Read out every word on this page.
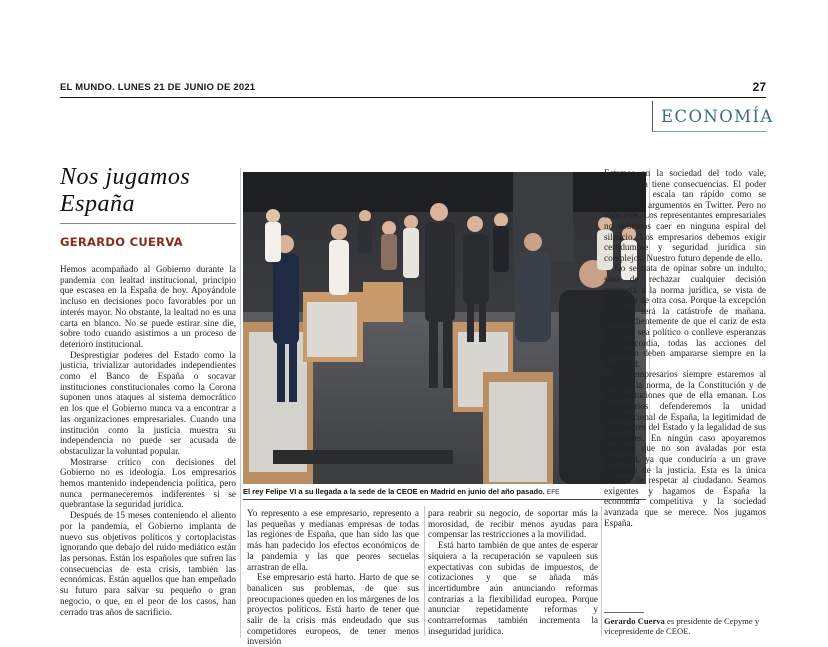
EL MUNDO. LUNES 21 DE JUNIO DE 2021	27
ECONOMÍA
Nos jugamos
España
GERARDO CUERVA

Hemos acompañado al Gobierno durante la pandemia con lealtad institucional, principio que escasea en la España de hoy. Apoyándole incluso en decisiones poco favorables por un interés mayor. No obstante, la lealtad no es una carta en blanco. No se puede estirar sine die, sobre todo cuando asistimos a un proceso de deterioro institucional.

Desprestigiar poderes del Estado como la justicia, trivializar autoridades independientes como el Banco de España o socavar instituciones constitucionales como la Corona suponen unos ataques al sistema democrático en los que el Gobierno nunca va a encontrar a las organizaciones empresariales. Cuando una institución como la justicia muestra su independencia no puede ser acusada de obstaculizar la voluntad popular.

Mostrarse crítico con decisiones del Gobierno no es ideología. Los empresarios hemos mantenido independencia política, pero nunca permaneceremos indiferentes si se quebrantase la seguridad jurídica.

Después de 15 meses conteniendo el aliento por la pandemia, el Gobierno implanta de nuevo sus objetivos políticos y cortoplacistas ignorando que debajo del ruido mediático están las personas. Están los españoles que sufren las consecuencias de esta crisis, también las económicas. Están aquellos que han empeñado su futuro para salvar su pequeño o gran negocio, o que, en el peor de los casos, han cerrado tras años de sacrificio.

El rey Felipe VI a su llegada a la sede de la CEOE en Madrid en junio del año pasado. EFE

Yo represento a ese empresario, represento a las pequeñas y medianas empresas de todas las regiones de España, que han sido las que más han padecido los efectos económicos de la pandemia y las que peores secuelas arrastran de ella.

Ese empresario está harto. Harto de que se banalicen sus problemas, de que sus preocupaciones queden en los márgenes de los proyectos políticos. Está harto de tener que salir de la crisis más endeudado que sus competidores europeos, de tener menos inversión

para reabrir su negocio, de soportar más la morosidad, de recibir menos ayudas para compensar las restricciones a la movilidad.

Está harto también de que antes de esperar siquiera a la recuperación se vapuleen sus expectativas con subidas de impuestos, de cotizaciones y que se añada más incertidumbre aún anunciando reformas contrarias a la flexibilidad europea. Porque anunciar repetidamente reformas y contrarreformas también incrementa la inseguridad jurídica.

Estamos en la sociedad del todo vale, donde nada tiene consecuencias. El poder del olvido escala tan rápido como se acortan los argumentos en Twitter. Pero no todo vale. Los representantes empresariales no debemos caer en ninguna espiral del silencio. Los empresarios debemos exigir certidumbre y seguridad jurídica sin complejos. Nuestro futuro depende de ello.

No se trata de opinar sobre un indulto, sino de rechazar cualquier decisión contraria a la norma jurídica, se vista de indulto o de otra cosa. Porque la excepción de hoy será la catástrofe de mañana. Independientemente de que el cariz de esta decisión sea político o conlleve esperanzas de concordia, todas las acciones del Gobierno deben ampararse siempre en la legalidad.

Los empresarios siempre estaremos al lado de la norma, de la Constitución y de las instituciones que de ella emanan. Los empresarios defenderemos la unidad constitucional de España, la legitimidad de los poderes del Estado y la legalidad de sus decisiones. En ningún caso apoyaremos acciones que no son avaladas por esta legalidad, ya que conduciría a un grave deterioro de la justicia. Esta es la única manera de respetar al ciudadano. Seamos exigentes y hagamos de España la economía competitiva y la sociedad avanzada que se merece. Nos jugamos España.

Gerardo Cuerva es presidente de Cepyme y vicepresidente de CEOE.
